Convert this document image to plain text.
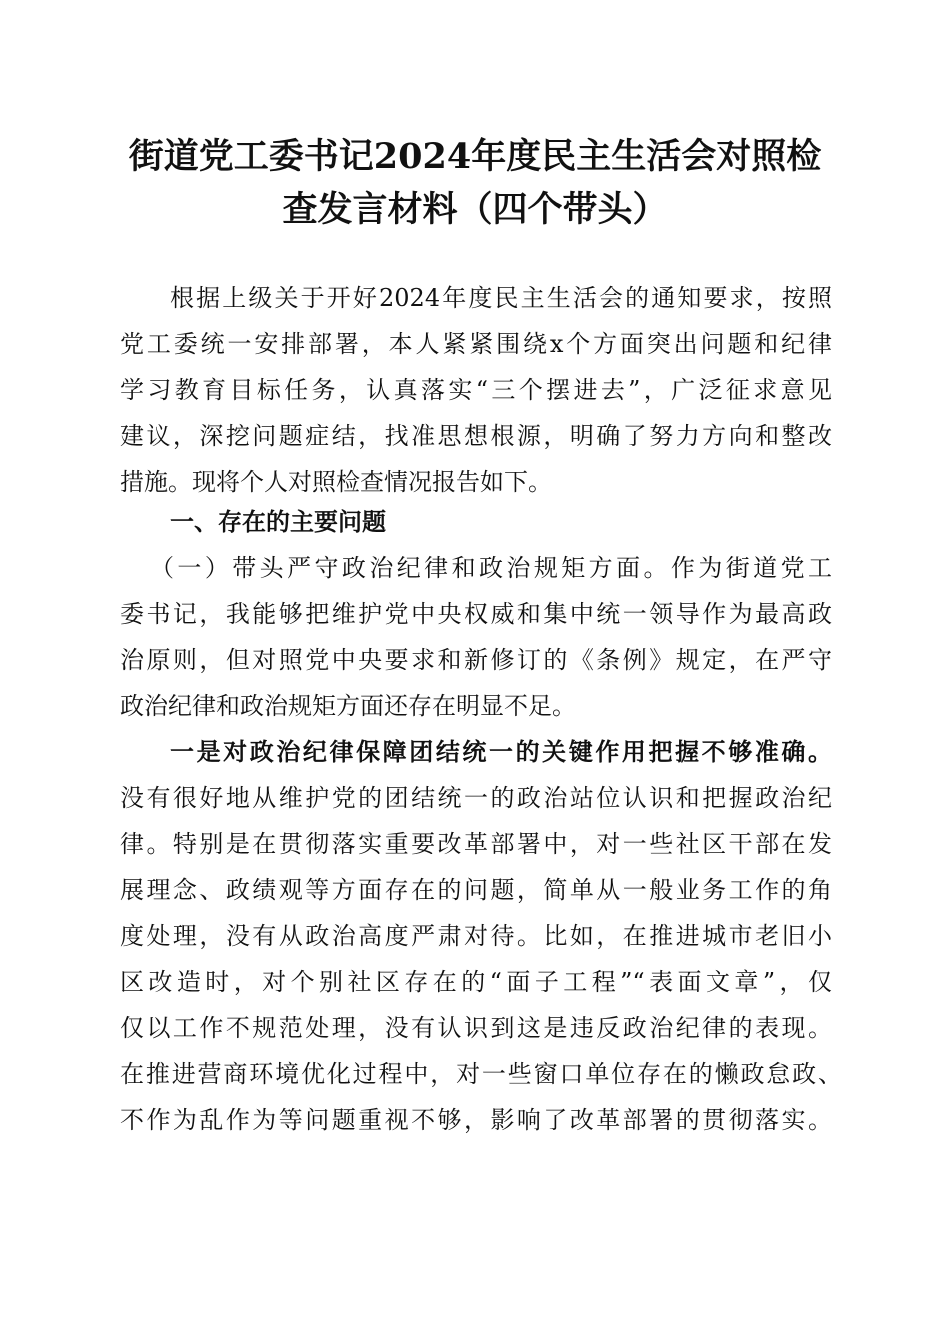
街道党工委书记2024年度民主生活会对照检
查发言材料（四个带头）
根据上级关于开好2024年度民主生活会的通知要求，按照
党工委统一安排部署，本人紧紧围绕x个方面突出问题和纪律
学习教育目标任务，认真落实“三个摆进去”，广泛征求意见
建议，深挖问题症结，找准思想根源，明确了努力方向和整改
措施。现将个人对照检查情况报告如下。
一、存在的主要问题
（一）带头严守政治纪律和政治规矩方面。作为街道党工
委书记，我能够把维护党中央权威和集中统一领导作为最高政
治原则，但对照党中央要求和新修订的《条例》规定，在严守
政治纪律和政治规矩方面还存在明显不足。
一是对政治纪律保障团结统一的关键作用把握不够准确。
没有很好地从维护党的团结统一的政治站位认识和把握政治纪
律。特别是在贯彻落实重要改革部署中，对一些社区干部在发
展理念、政绩观等方面存在的问题，简单从一般业务工作的角
度处理，没有从政治高度严肃对待。比如，在推进城市老旧小
区改造时，对个别社区存在的“面子工程”“表面文章”，仅
仅以工作不规范处理，没有认识到这是违反政治纪律的表现。
在推进营商环境优化过程中，对一些窗口单位存在的懒政怠政、
不作为乱作为等问题重视不够，影响了改革部署的贯彻落实。
